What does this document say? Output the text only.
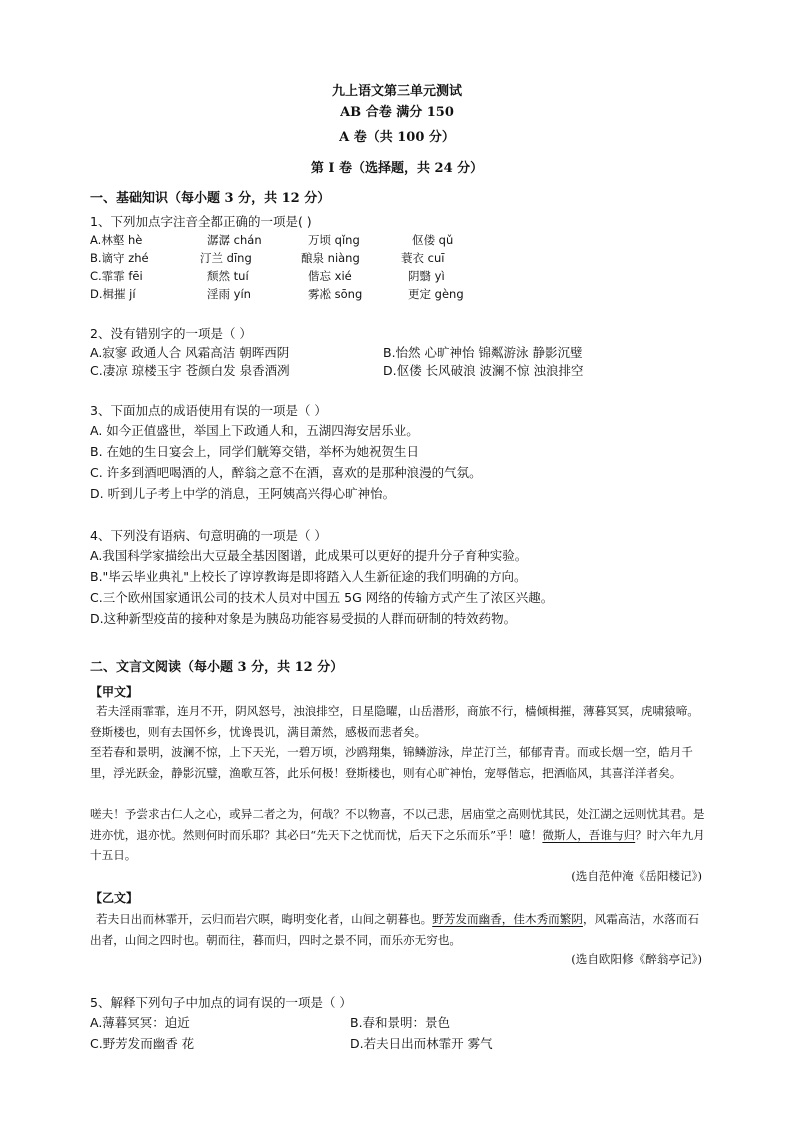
九上语文第三单元测试
AB 合卷 满分 150
A 卷（共 100 分）
第 I 卷（选择题，共 24 分）
一、基础知识（每小题 3 分，共 12 分）
1、下列加点字注音全都正确的一项是( )
A.林壑 hè	潺潺 chán	万顷 qǐng	伛偻 qǔ
B.谪守 zhé	汀兰 dīng	酿泉 niàng	蓑衣 cuī
C.霏霏 fēi	颓然 tuí	偕忘 xié	阴翳 yì
D.楫摧 jí	淫雨 yín	雾凇 sōng	更定 gèng
2、没有错别字的一项是（ ）
A.寂寥 政通人合 风霜高洁 朝晖西阴	B.怡然 心旷神怡 锦粼游泳 静影沉璧
C.凄凉 琼楼玉宇 苍颜白发 泉香酒冽	D.伛偻 长风破浪 波澜不惊 浊浪排空
3、下面加点的成语使用有误的一项是（ ）
A. 如今正值盛世，举国上下政通人和，五湖四海安居乐业。
B. 在她的生日宴会上，同学们觥筹交错，举杯为她祝贺生日
C. 许多到酒吧喝酒的人，醉翁之意不在酒，喜欢的是那种浪漫的气氛。
D. 听到儿子考上中学的消息，王阿姨高兴得心旷神怡。
4、下列没有语病、句意明确的一项是（ ）
A.我国科学家描绘出大豆最全基因图谱，此成果可以更好的提升分子育种实验。
B."毕云毕业典礼"上校长了谆谆教诲是即将踏入人生新征途的我们明确的方向。
C.三个欧州国家通讯公司的技术人员对中国五 5G 网络的传输方式产生了浓区兴趣。
D.这种新型疫苗的接种对象是为胰岛功能容易受损的人群而研制的特效药物。
二、文言文阅读（每小题 3 分，共 12 分）
【甲文】
若夫淫雨霏霏，连月不开，阴风怒号，浊浪排空，日星隐曜，山岳潜形，商旅不行，樯倾楫摧，薄暮冥冥，虎啸猿啼。登斯楼也，则有去国怀乡，忧谗畏讥，满目萧然，感极而悲者矣。
至若春和景明，波澜不惊，上下天光，一碧万顷，沙鸥翔集，锦鳞游泳，岸芷汀兰，郁郁青青。而或长烟一空，皓月千里，浮光跃金，静影沉璧，渔歌互答，此乐何极！登斯楼也，则有心旷神怡，宠辱偕忘，把酒临风，其喜洋洋者矣。
嗟夫！予尝求古仁人之心，或异二者之为，何哉？不以物喜，不以己悲，居庙堂之高则忧其民，处江湖之远则忧其君。是进亦忧，退亦忧。然则何时而乐耶？其必曰“先天下之忧而忧，后天下之乐而乐”乎！噫！微斯人，吾谁与归？时六年九月十五日。
(选自范仲淹《岳阳楼记》)
【乙文】
若夫日出而林霏开，云归而岩穴暝，晦明变化者，山间之朝暮也。野芳发而幽香，佳木秀而繁阴，风霜高洁，水落而石出者，山间之四时也。朝而往，暮而归，四时之景不同，而乐亦无穷也。
(选自欧阳修《醉翁亭记》)
5、解释下列句子中加点的词有误的一项是（ ）
A.薄暮冥冥：迫近	B.春和景明：景色
C.野芳发而幽香 花	D.若夫日出而林霏开 雾气
